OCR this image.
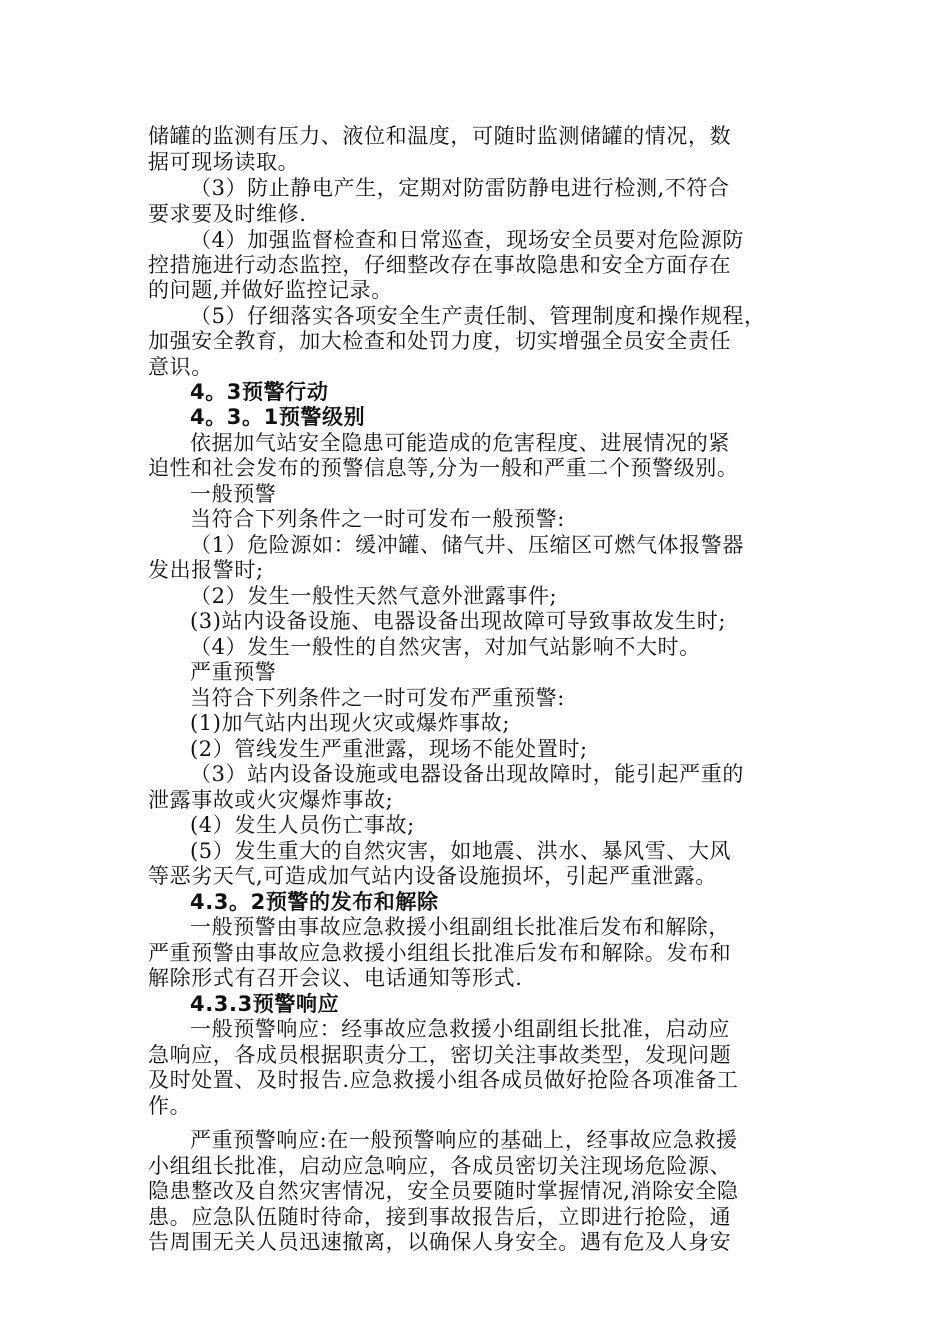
储罐的监测有压力、液位和温度，可随时监测储罐的情况，数
据可现场读取。
（3）防止静电产生，定期对防雷防静电进行检测,不符合
要求要及时维修.
（4）加强监督检查和日常巡查，现场安全员要对危险源防
控措施进行动态监控，仔细整改存在事故隐患和安全方面存在
的问题,并做好监控记录。
（5）仔细落实各项安全生产责任制、管理制度和操作规程，
加强安全教育，加大检查和处罚力度，切实增强全员安全责任
意识。
4。3预警行动
4。3。1预警级别
依据加气站安全隐患可能造成的危害程度、进展情况的紧
迫性和社会发布的预警信息等,分为一般和严重二个预警级别。
一般预警
当符合下列条件之一时可发布一般预警:
（1）危险源如：缓冲罐、储气井、压缩区可燃气体报警器
发出报警时;
（2）发生一般性天然气意外泄露事件;
(3)站内设备设施、电器设备出现故障可导致事故发生时;
（4）发生一般性的自然灾害，对加气站影响不大时。
严重预警
当符合下列条件之一时可发布严重预警:
(1)加气站内出现火灾或爆炸事故;
(2）管线发生严重泄露，现场不能处置时;
（3）站内设备设施或电器设备出现故障时，能引起严重的
泄露事故或火灾爆炸事故;
(4）发生人员伤亡事故;
(5）发生重大的自然灾害，如地震、洪水、暴风雪、大风
等恶劣天气,可造成加气站内设备设施损坏，引起严重泄露。
4.3。2预警的发布和解除
一般预警由事故应急救援小组副组长批准后发布和解除，
严重预警由事故应急救援小组组长批准后发布和解除。发布和
解除形式有召开会议、电话通知等形式.
4.3.3预警响应
一般预警响应：经事故应急救援小组副组长批准，启动应
急响应，各成员根据职责分工，密切关注事故类型，发现问题
及时处置、及时报告.应急救援小组各成员做好抢险各项准备工
作。
严重预警响应:在一般预警响应的基础上，经事故应急救援
小组组长批准，启动应急响应，各成员密切关注现场危险源、
隐患整改及自然灾害情况，安全员要随时掌握情况,消除安全隐
患。应急队伍随时待命，接到事故报告后，立即进行抢险，通
告周围无关人员迅速撤离，以确保人身安全。遇有危及人身安
